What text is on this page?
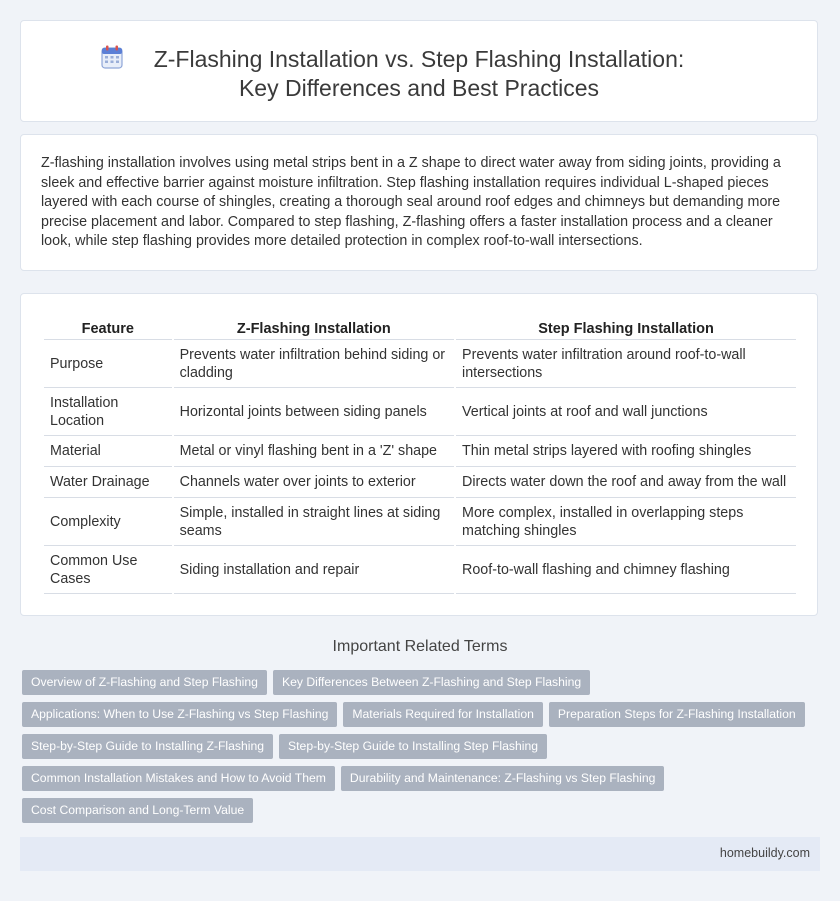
Z-Flashing Installation vs. Step Flashing Installation: Key Differences and Best Practices

Z-flashing installation involves using metal strips bent in a Z shape to direct water away from siding joints, providing a sleek and effective barrier against moisture infiltration. Step flashing installation requires individual L-shaped pieces layered with each course of shingles, creating a thorough seal around roof edges and chimneys but demanding more precise placement and labor. Compared to step flashing, Z-flashing offers a faster installation process and a cleaner look, while step flashing provides more detailed protection in complex roof-to-wall intersections.

Feature	Z-Flashing Installation	Step Flashing Installation
Purpose	Prevents water infiltration behind siding or cladding	Prevents water infiltration around roof-to-wall intersections
Installation Location	Horizontal joints between siding panels	Vertical joints at roof and wall junctions
Material	Metal or vinyl flashing bent in a 'Z' shape	Thin metal strips layered with roofing shingles
Water Drainage	Channels water over joints to exterior	Directs water down the roof and away from the wall
Complexity	Simple, installed in straight lines at siding seams	More complex, installed in overlapping steps matching shingles
Common Use Cases	Siding installation and repair	Roof-to-wall flashing and chimney flashing
Important Related Terms
Overview of Z-Flashing and Step Flashing Key Differences Between Z-Flashing and Step Flashing
Applications: When to Use Z-Flashing vs Step Flashing Materials Required for Installation Preparation Steps for Z-Flashing Installation
Step-by-Step Guide to Installing Z-Flashing Step-by-Step Guide to Installing Step Flashing
Common Installation Mistakes and How to Avoid Them Durability and Maintenance: Z-Flashing vs Step Flashing
Cost Comparison and Long-Term Value
homebuildy.com
